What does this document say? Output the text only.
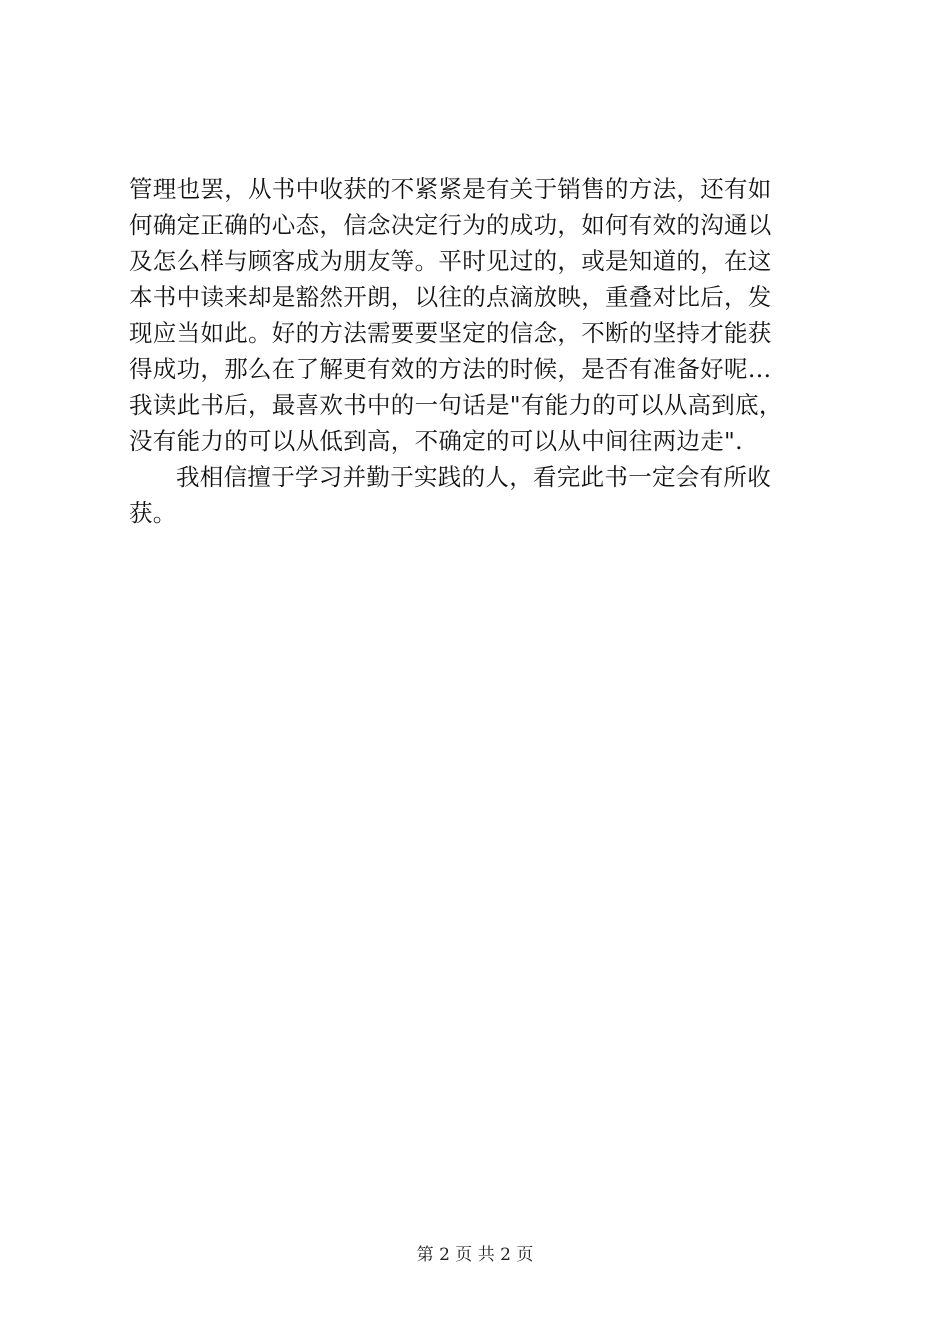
管理也罢，从书中收获的不紧紧是有关于销售的方法，还有如
何确定正确的心态，信念决定行为的成功，如何有效的沟通以
及怎么样与顾客成为朋友等。平时见过的，或是知道的，在这
本书中读来却是豁然开朗，以往的点滴放映，重叠对比后，发
现应当如此。好的方法需要要坚定的信念，不断的坚持才能获
得成功，那么在了解更有效的方法的时候，是否有准备好呢…
我读此书后，最喜欢书中的一句话是"有能力的可以从高到底，
没有能力的可以从低到高，不确定的可以从中间往两边走".
我相信擅于学习并勤于实践的人，看完此书一定会有所收
获。
第 2 页 共 2 页
